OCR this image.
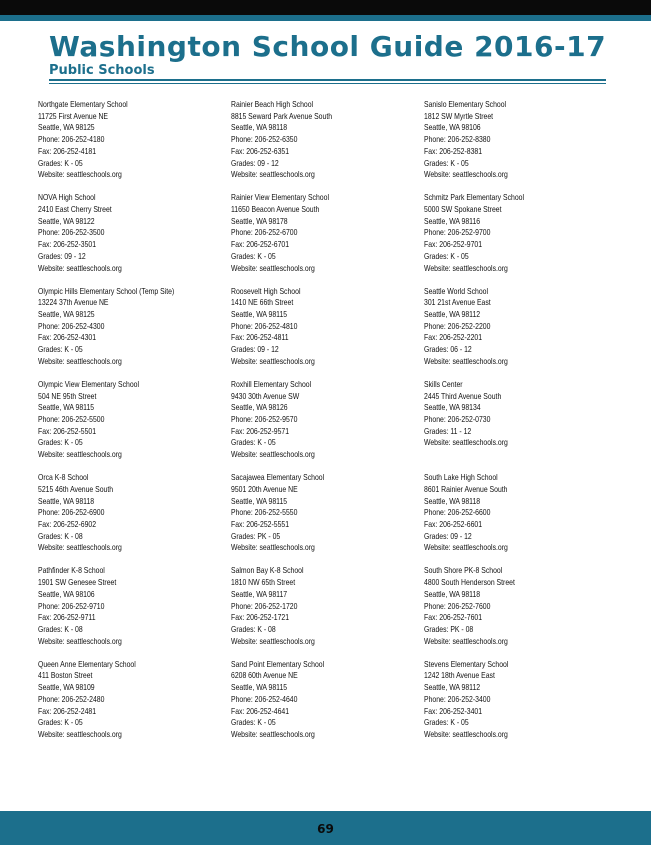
Washington School Guide 2016-17
Public Schools
Northgate Elementary School
11725 First Avenue NE
Seattle, WA 98125
Phone: 206-252-4180
Fax: 206-252-4181
Grades: K - 05
Website: seattleschools.org
NOVA High School
2410 East Cherry Street
Seattle, WA 98122
Phone: 206-252-3500
Fax: 206-252-3501
Grades: 09 - 12
Website: seattleschools.org
Olympic Hills Elementary School (Temp Site)
13224 37th Avenue NE
Seattle, WA 98125
Phone: 206-252-4300
Fax: 206-252-4301
Grades: K - 05
Website: seattleschools.org
Olympic View Elementary School
504 NE 95th Street
Seattle, WA 98115
Phone: 206-252-5500
Fax: 206-252-5501
Grades: K - 05
Website: seattleschools.org
Orca K-8 School
5215 46th Avenue South
Seattle, WA 98118
Phone: 206-252-6900
Fax: 206-252-6902
Grades: K - 08
Website: seattleschools.org
Pathfinder K-8 School
1901 SW Genesee Street
Seattle, WA 98106
Phone: 206-252-9710
Fax: 206-252-9711
Grades: K - 08
Website: seattleschools.org
Queen Anne Elementary School
411 Boston Street
Seattle, WA 98109
Phone: 206-252-2480
Fax: 206-252-2481
Grades: K - 05
Website: seattleschools.org
Rainier Beach High School
8815 Seward Park Avenue South
Seattle, WA 98118
Phone: 206-252-6350
Fax: 206-252-6351
Grades: 09 - 12
Website: seattleschools.org
Rainier View Elementary School
11650 Beacon Avenue South
Seattle, WA 98178
Phone: 206-252-6700
Fax: 206-252-6701
Grades: K - 05
Website: seattleschools.org
Roosevelt High School
1410 NE 66th Street
Seattle, WA 98115
Phone: 206-252-4810
Fax: 206-252-4811
Grades: 09 - 12
Website: seattleschools.org
Roxhill Elementary School
9430 30th Avenue SW
Seattle, WA 98126
Phone: 206-252-9570
Fax: 206-252-9571
Grades: K - 05
Website: seattleschools.org
Sacajawea Elementary School
9501 20th Avenue NE
Seattle, WA 98115
Phone: 206-252-5550
Fax: 206-252-5551
Grades: PK - 05
Website: seattleschools.org
Salmon Bay K-8 School
1810 NW 65th Street
Seattle, WA 98117
Phone: 206-252-1720
Fax: 206-252-1721
Grades: K - 08
Website: seattleschools.org
Sand Point Elementary School
6208 60th Avenue NE
Seattle, WA 98115
Phone: 206-252-4640
Fax: 206-252-4641
Grades: K - 05
Website: seattleschools.org
Sanislo Elementary School
1812 SW Myrtle Street
Seattle, WA 98106
Phone: 206-252-8380
Fax: 206-252-8381
Grades: K - 05
Website: seattleschools.org
Schmitz Park Elementary School
5000 SW Spokane Street
Seattle, WA 98116
Phone: 206-252-9700
Fax: 206-252-9701
Grades: K - 05
Website: seattleschools.org
Seattle World School
301 21st Avenue East
Seattle, WA 98112
Phone: 206-252-2200
Fax: 206-252-2201
Grades: 06 - 12
Website: seattleschools.org
Skills Center
2445 Third Avenue South
Seattle, WA 98134
Phone: 206-252-0730
Grades: 11 - 12
Website: seattleschools.org
South Lake High School
8601 Rainier Avenue South
Seattle, WA 98118
Phone: 206-252-6600
Fax: 206-252-6601
Grades: 09 - 12
Website: seattleschools.org
South Shore PK-8 School
4800 South Henderson Street
Seattle, WA 98118
Phone: 206-252-7600
Fax: 206-252-7601
Grades: PK - 08
Website: seattleschools.org
Stevens Elementary School
1242 18th Avenue East
Seattle, WA 98112
Phone: 206-252-3400
Fax: 206-252-3401
Grades: K - 05
Website: seattleschools.org
69
